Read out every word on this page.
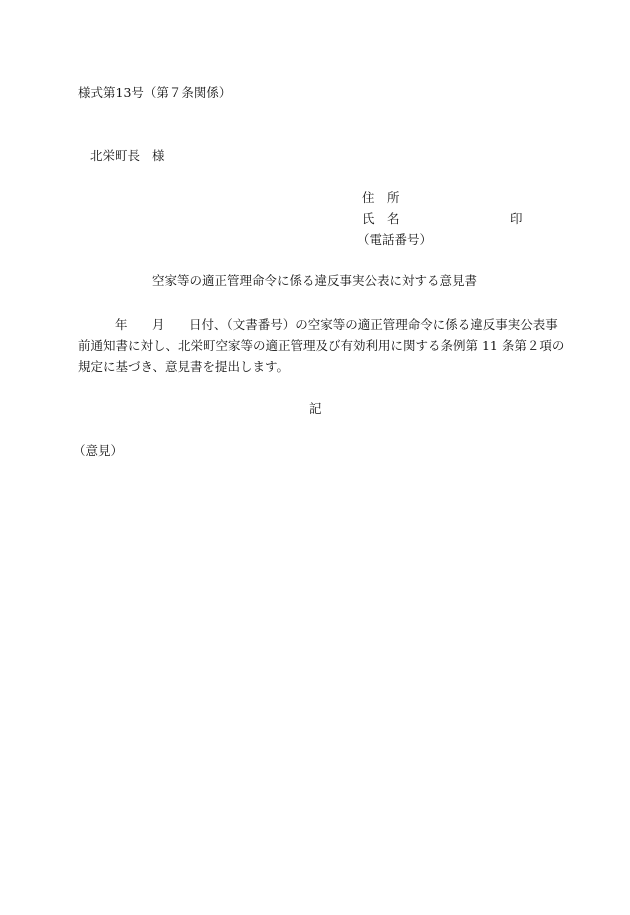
様式第13号（第７条関係）
北栄町長 様
住　所
氏　名	印
（電話番号）
空家等の適正管理命令に係る違反事実公表に対する意見書
年 月 日付、（文書番号）の空家等の適正管理命令に係る違反事実公表事
前通知書に対し、北栄町空家等の適正管理及び有効利用に関する条例第 11 条第２項の
規定に基づき、意見書を提出します。
記
（意見）
